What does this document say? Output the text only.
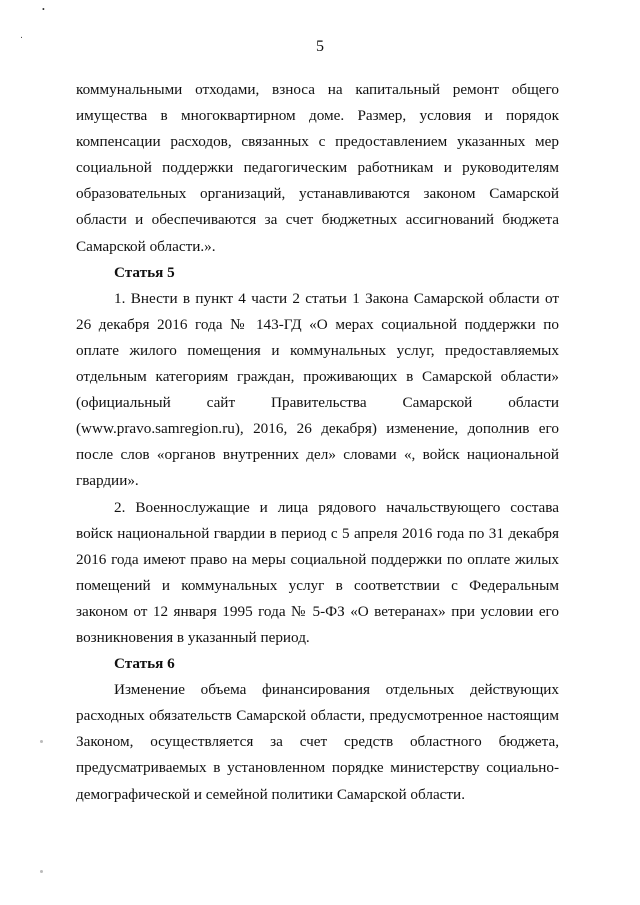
•
ᐧ	5

коммунальными отходами, взноса на капитальный ремонт общего имущества в многоквартирном доме. Размер, условия и порядок компенсации расходов, связанных с предоставлением указанных мер социальной поддержки педагогическим работникам и руководителям образовательных организаций, устанавливаются законом Самарской области и обеспечиваются за счет бюджетных ассигнований бюджета Самарской области.».

Статья 5

1. Внести в пункт 4 части 2 статьи 1 Закона Самарской области от 26 декабря 2016 года № 143-ГД «О мерах социальной поддержки по оплате жилого помещения и коммунальных услуг, предоставляемых отдельным категориям граждан, проживающих в Самарской области» (официальный сайт Правительства Самарской области (www.pravo.samregion.ru), 2016, 26 декабря) изменение, дополнив его после слов «органов внутренних дел» словами «, войск национальной гвардии».

2. Военнослужащие и лица рядового начальствующего состава войск национальной гвардии в период с 5 апреля 2016 года по 31 декабря 2016 года имеют право на меры социальной поддержки по оплате жилых помещений и коммунальных услуг в соответствии с Федеральным законом от 12 января 1995 года № 5-ФЗ «О ветеранах» при условии его возникновения в указанный период.

Статья 6

Изменение объема финансирования отдельных действующих расходных обязательств Самарской области, предусмотренное настоящим Законом, осуществляется за счет средств областного бюджета, предусматриваемых в установленном порядке министерству социально-демографической и семейной политики Самарской области.
